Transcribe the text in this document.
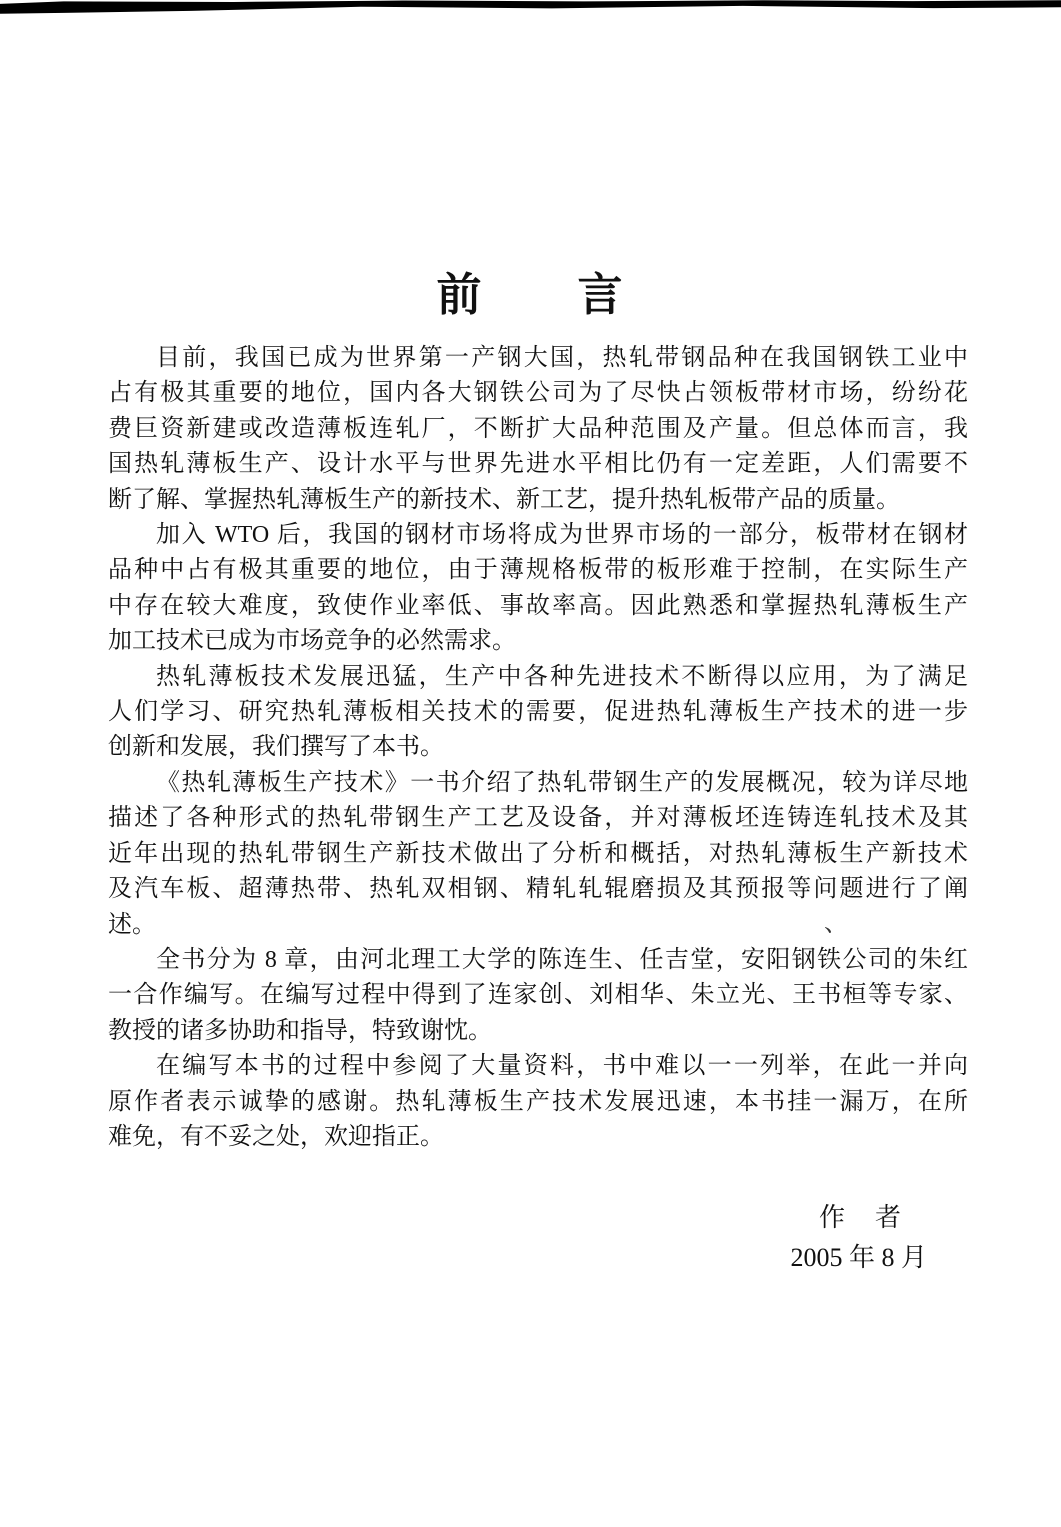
前　　言
目前，我国已成为世界第一产钢大国，热轧带钢品种在我国钢铁工业中
占有极其重要的地位，国内各大钢铁公司为了尽快占领板带材市场，纷纷花
费巨资新建或改造薄板连轧厂，不断扩大品种范围及产量。但总体而言，我
国热轧薄板生产、设计水平与世界先进水平相比仍有一定差距，人们需要不
断了解、掌握热轧薄板生产的新技术、新工艺，提升热轧板带产品的质量。
加入 WTO 后，我国的钢材市场将成为世界市场的一部分，板带材在钢材
品种中占有极其重要的地位，由于薄规格板带的板形难于控制，在实际生产
中存在较大难度，致使作业率低、事故率高。因此熟悉和掌握热轧薄板生产
加工技术已成为市场竞争的必然需求。
热轧薄板技术发展迅猛，生产中各种先进技术不断得以应用，为了满足
人们学习、研究热轧薄板相关技术的需要，促进热轧薄板生产技术的进一步
创新和发展，我们撰写了本书。
《热轧薄板生产技术》一书介绍了热轧带钢生产的发展概况，较为详尽地
描述了各种形式的热轧带钢生产工艺及设备，并对薄板坯连铸连轧技术及其
近年出现的热轧带钢生产新技术做出了分析和概括，对热轧薄板生产新技术
及汽车板、超薄热带、热轧双相钢、精轧轧辊磨损及其预报等问题进行了阐
述。
全书分为 8 章，由河北理工大学的陈连生、任吉堂，安阳钢铁公司的朱红
一合作编写。在编写过程中得到了连家创、刘相华、朱立光、王书桓等专家、
教授的诸多协助和指导，特致谢忱。
在编写本书的过程中参阅了大量资料，书中难以一一列举，在此一并向
原作者表示诚挚的感谢。热轧薄板生产技术发展迅速，本书挂一漏万，在所
难免，有不妥之处，欢迎指正。
、
作　者
2005 年 8 月
